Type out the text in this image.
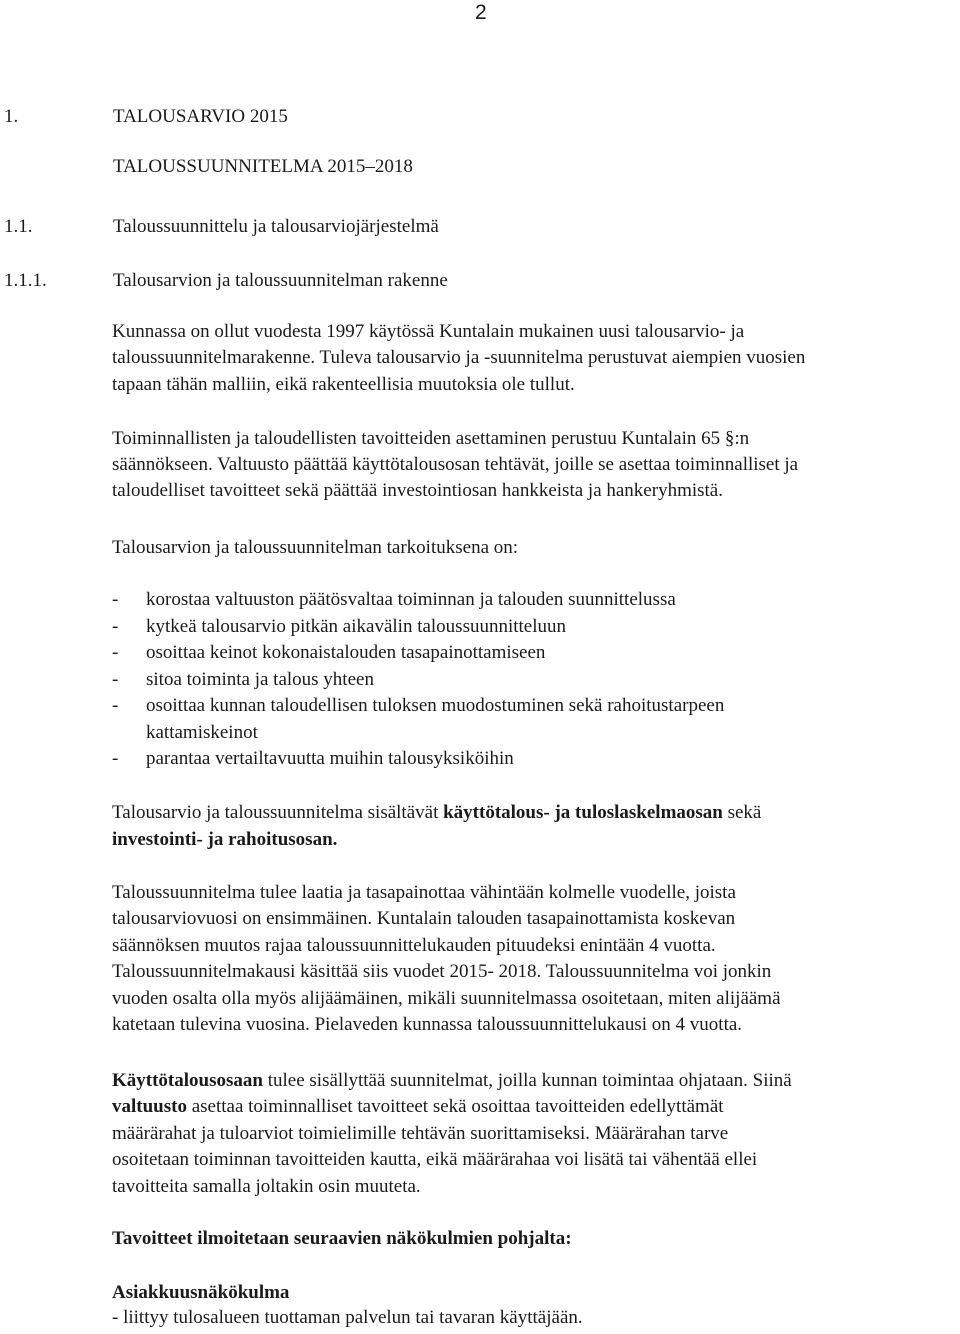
2
1.	TALOUSARVIO 2015
TALOUSSUUNNITELMA 2015–2018
1.1.	Taloussuunnittelu ja talousarviojärjestelmä
1.1.1.	Talousarvion ja taloussuunnitelman rakenne
Kunnassa on ollut vuodesta 1997 käytössä Kuntalain mukainen uusi talousarvio- ja
taloussuunnitelmarakenne. Tuleva talousarvio ja -suunnitelma perustuvat aiempien vuosien
tapaan tähän malliin, eikä rakenteellisia muutoksia ole tullut.
Toiminnallisten ja taloudellisten tavoitteiden asettaminen perustuu Kuntalain 65 §:n
säännökseen. Valtuusto päättää käyttötalousosan tehtävät, joille se asettaa toiminnalliset ja
taloudelliset tavoitteet sekä päättää investointiosan hankkeista ja hankeryhmistä.
Talousarvion ja taloussuunnitelman tarkoituksena on:
- korostaa valtuuston päätösvaltaa toiminnan ja talouden suunnittelussa
- kytkeä talousarvio pitkän aikavälin taloussuunnitteluun
- osoittaa keinot kokonaistalouden tasapainottamiseen
- sitoa toiminta ja talous yhteen
- osoittaa kunnan taloudellisen tuloksen muodostuminen sekä rahoitustarpeen
kattamiskeinot
- parantaa vertailtavuutta muihin talousyksiköihin
Talousarvio ja taloussuunnitelma sisältävät käyttötalous- ja tuloslaskelmaosan sekä
investointi- ja rahoitusosan.
Taloussuunnitelma tulee laatia ja tasapainottaa vähintään kolmelle vuodelle, joista
talousarviovuosi on ensimmäinen. Kuntalain talouden tasapainottamista koskevan
säännöksen muutos rajaa taloussuunnittelukauden pituudeksi enintään 4 vuotta.
Taloussuunnitelmakausi käsittää siis vuodet 2015- 2018. Taloussuunnitelma voi jonkin
vuoden osalta olla myös alijäämäinen, mikäli suunnitelmassa osoitetaan, miten alijäämä
katetaan tulevina vuosina. Pielaveden kunnassa taloussuunnittelukausi on 4 vuotta.
Käyttötalousosaan tulee sisällyttää suunnitelmat, joilla kunnan toimintaa ohjataan. Siinä
valtuusto asettaa toiminnalliset tavoitteet sekä osoittaa tavoitteiden edellyttämät
määrärahat ja tuloarviot toimielimille tehtävän suorittamiseksi. Määrärahan tarve
osoitetaan toiminnan tavoitteiden kautta, eikä määrärahaa voi lisätä tai vähentää ellei
tavoitteita samalla joltakin osin muuteta.
Tavoitteet ilmoitetaan seuraavien näkökulmien pohjalta:
Asiakkuusnäkökulma
- liittyy tulosalueen tuottaman palvelun tai tavaran käyttäjään.
